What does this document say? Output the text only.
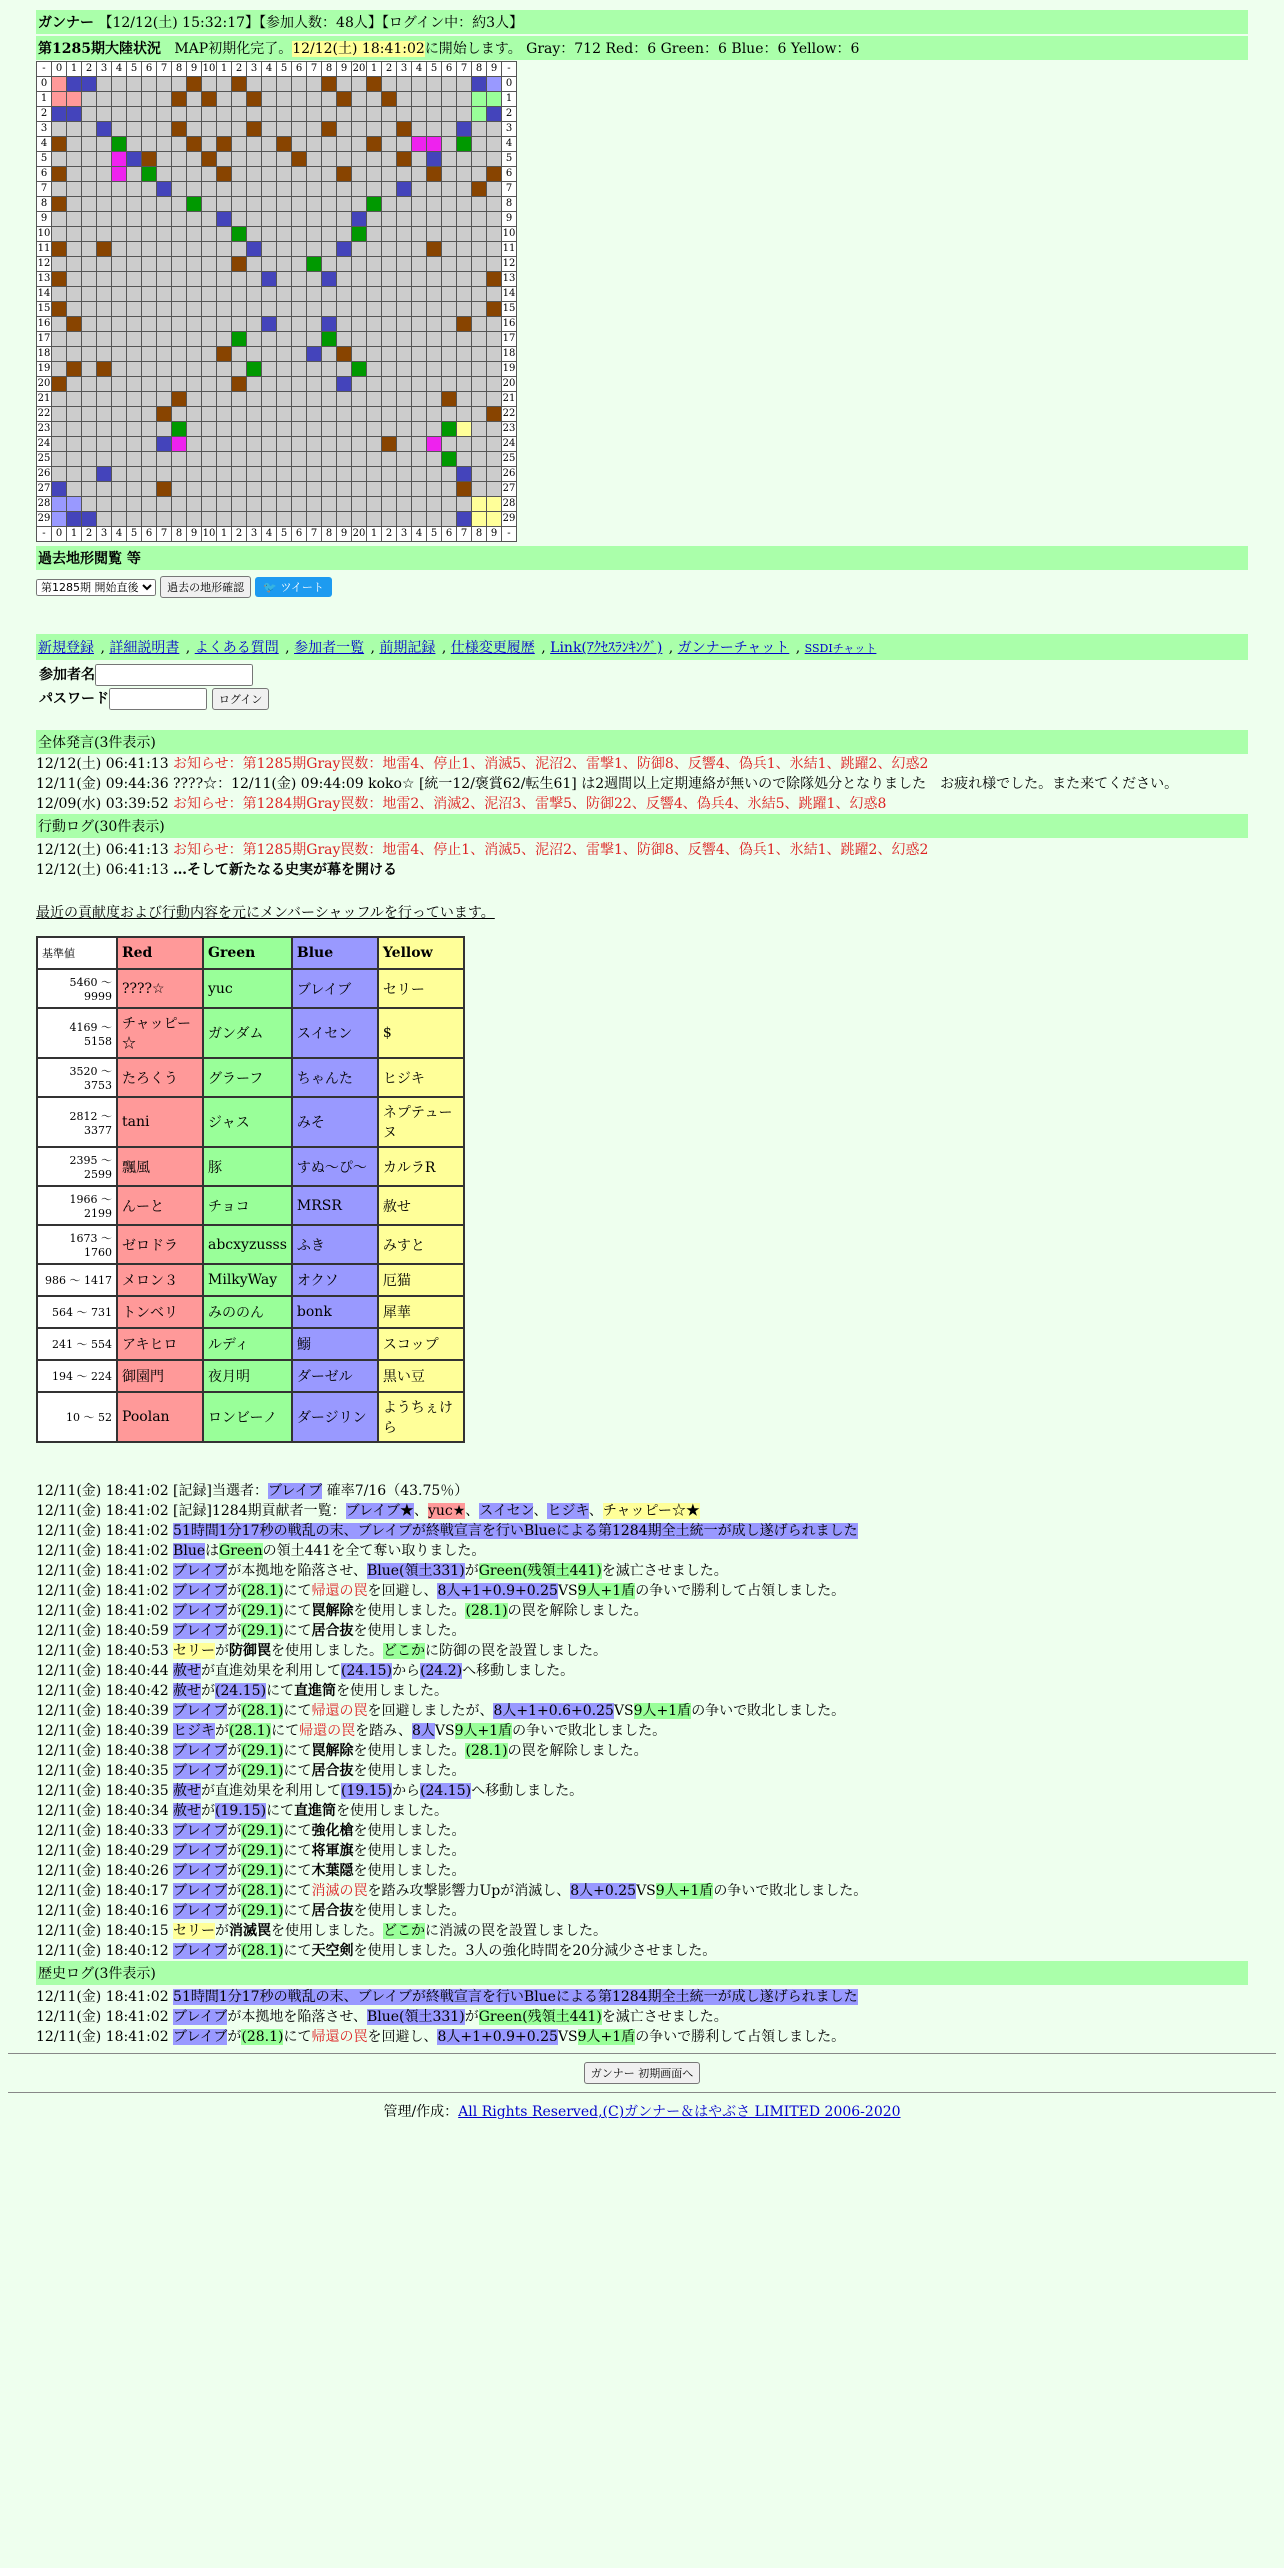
ガンナー 【12/12(土) 15:32:17】【参加人数：48人】【ログイン中：約3人】
第1285期大陸状況 MAP初期化完了。12/12(土) 18:41:02に開始します。 Gray：712 Red：6 Green：6 Blue：6 Yellow：6
-	0	1	2	3	4	5	6	7	8	9	10	1	2	3	4	5	6	7	8	9	20	1	2	3	4	5	6	7	8	9	-
0																															0
1																															1
2																															2
3																															3
4																															4
5																															5
6																															6
7																															7
8																															8
9																															9
10																															10
11																															11
12																															12
13																															13
14																															14
15																															15
16																															16
17																															17
18																															18
19																															19
20																															20
21																															21
22																															22
23																															23
24																															24
25																															25
26																															26
27																															27
28																															28
29																															29
-	0	1	2	3	4	5	6	7	8	9	10	1	2	3	4	5	6	7	8	9	20	1	2	3	4	5	6	7	8	9	-
過去地形閲覧 等
第1285期 開始直後 過去の地形確認 🐦 ツイート
新規登録 , 詳細説明書 , よくある質問 , 参加者一覧 , 前期記録 , 仕様変更履歴 , Link(ｱｸｾｽﾗﾝｷﾝｸﾞ) , ガンナーチャット , SSDIチャット
参加者名
パスワード	ログイン
全体発言(3件表示)
12/12(土) 06:41:13 お知らせ：第1285期Gray罠数：地雷4、停止1、消滅5、泥沼2、雷撃1、防御8、反響4、偽兵1、氷結1、跳躍2、幻惑2
12/11(金) 09:44:36 ????☆：12/11(金) 09:44:09 koko☆ [統一12/褒賞62/転生61] は2週間以上定期連絡が無いので除隊処分となりました　お疲れ様でした。また来てください。
12/09(水) 03:39:52 お知らせ：第1284期Gray罠数：地雷2、消滅2、泥沼3、雷撃5、防御22、反響4、偽兵4、氷結5、跳躍1、幻惑8
行動ログ(30件表示)
12/12(土) 06:41:13 お知らせ：第1285期Gray罠数：地雷4、停止1、消滅5、泥沼2、雷撃1、防御8、反響4、偽兵1、氷結1、跳躍2、幻惑2
12/12(土) 06:41:13 …そして新たなる史実が幕を開ける
最近の貢献度および行動内容を元にメンバーシャッフルを行っています。
基準値	Red	Green	Blue	Yellow
5460 ～ 9999	????☆	yuc	ブレイブ	セリー
4169 ～ 5158	チャッピー☆	ガンダム	スイセン	$
3520 ～ 3753	たろくう	グラーフ	ちゃんた	ヒジキ
2812 ～ 3377	tani	ジャス	みそ	ネプテューヌ
2395 ～ 2599	飄風	豚	すぬ～ぴ～	カルラR
1966 ～ 2199	んーと	チョコ	MRSR	赦せ
1673 ～ 1760	ゼロドラ	abcxyzusss	ふき	みすと
986 ～ 1417	メロン３	MilkyWay	オクソ	厄猫
564 ～ 731	トンベリ	みののん	bonk	犀華
241 ～ 554	アキヒロ	ルディ	鰯	スコップ
194 ～ 224	御園門	夜月明	ダーゼル	黒い豆
10 ～ 52	Poolan	ロンビーノ	ダージリン	ようちぇけら
12/11(金) 18:41:02 [記録]当選者：ブレイブ 確率7/16（43.75％）
12/11(金) 18:41:02 [記録]1284期貢献者一覧：ブレイブ★、yuc★、スイセン、ヒジキ、チャッピー☆★
12/11(金) 18:41:02 51時間1分17秒の戦乱の末、ブレイブが終戦宣言を行いBlueによる第1284期全土統一が成し遂げられました
12/11(金) 18:41:02 BlueはGreenの領土441を全て奪い取りました。
12/11(金) 18:41:02 ブレイブが本拠地を陥落させ、Blue(領土331)がGreen(残領土441)を滅亡させました。
12/11(金) 18:41:02 ブレイブが(28.1)にて帰還の罠を回避し、8人+1+0.9+0.25VS9人+1盾の争いで勝利して占領しました。
12/11(金) 18:41:02 ブレイブが(29.1)にて罠解除を使用しました。(28.1)の罠を解除しました。
12/11(金) 18:40:59 ブレイブが(29.1)にて居合抜を使用しました。
12/11(金) 18:40:53 セリーが防御罠を使用しました。どこかに防御の罠を設置しました。
12/11(金) 18:40:44 赦せが直進効果を利用して(24.15)から(24.2)へ移動しました。
12/11(金) 18:40:42 赦せが(24.15)にて直進筒を使用しました。
12/11(金) 18:40:39 ブレイブが(28.1)にて帰還の罠を回避しましたが、8人+1+0.6+0.25VS9人+1盾の争いで敗北しました。
12/11(金) 18:40:39 ヒジキが(28.1)にて帰還の罠を踏み、8人VS9人+1盾の争いで敗北しました。
12/11(金) 18:40:38 ブレイブが(29.1)にて罠解除を使用しました。(28.1)の罠を解除しました。
12/11(金) 18:40:35 ブレイブが(29.1)にて居合抜を使用しました。
12/11(金) 18:40:35 赦せが直進効果を利用して(19.15)から(24.15)へ移動しました。
12/11(金) 18:40:34 赦せが(19.15)にて直進筒を使用しました。
12/11(金) 18:40:33 ブレイブが(29.1)にて強化槍を使用しました。
12/11(金) 18:40:29 ブレイブが(29.1)にて将軍旗を使用しました。
12/11(金) 18:40:26 ブレイブが(29.1)にて木葉隠を使用しました。
12/11(金) 18:40:17 ブレイブが(28.1)にて消滅の罠を踏み攻撃影響力Upが消滅し、8人+0.25VS9人+1盾の争いで敗北しました。
12/11(金) 18:40:16 ブレイブが(29.1)にて居合抜を使用しました。
12/11(金) 18:40:15 セリーが消滅罠を使用しました。どこかに消滅の罠を設置しました。
12/11(金) 18:40:12 ブレイブが(28.1)にて天空剣を使用しました。3人の強化時間を20分減少させました。
歴史ログ(3件表示)
12/11(金) 18:41:02 51時間1分17秒の戦乱の末、ブレイブが終戦宣言を行いBlueによる第1284期全土統一が成し遂げられました
12/11(金) 18:41:02 ブレイブが本拠地を陥落させ、Blue(領土331)がGreen(残領土441)を滅亡させました。
12/11(金) 18:41:02 ブレイブが(28.1)にて帰還の罠を回避し、8人+1+0.9+0.25VS9人+1盾の争いで勝利して占領しました。
ガンナー 初期画面へ
管理/作成：All Rights Reserved,(C)ガンナー＆はやぶさ LIMITED 2006-2020
